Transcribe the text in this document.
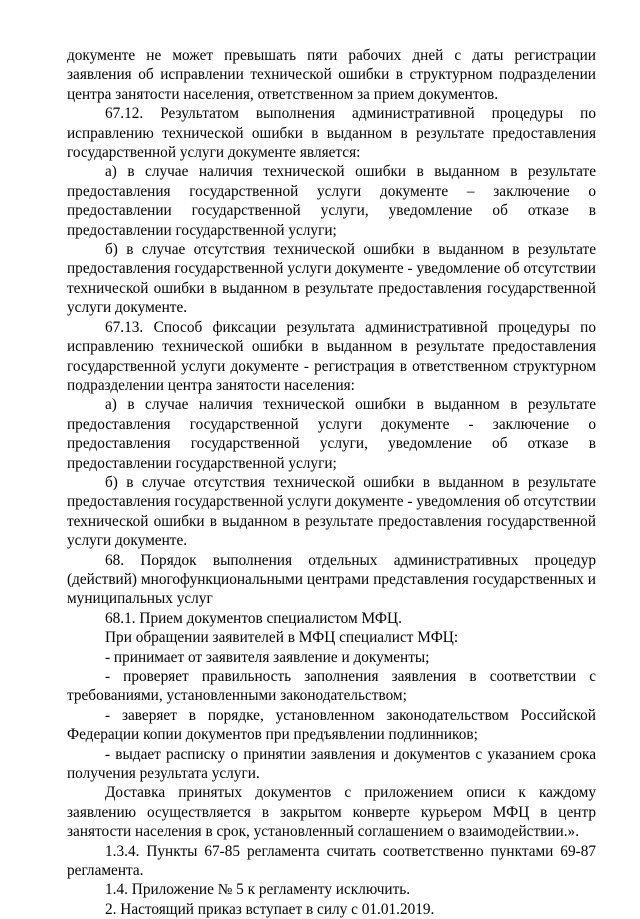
документе не может превышать пяти рабочих дней с даты регистрации заявления об исправлении технической ошибки в структурном подразделении центра занятости населения, ответственном за прием документов.

67.12. Результатом выполнения административной процедуры по исправлению технической ошибки в выданном в результате предоставления государственной услуги документе является:

а) в случае наличия технической ошибки в выданном в результате предоставления государственной услуги документе – заключение о предоставлении государственной услуги, уведомление об отказе в предоставлении государственной услуги;

б) в случае отсутствия технической ошибки в выданном в результате предоставления государственной услуги документе - уведомление об отсутствии технической ошибки в выданном в результате предоставления государственной услуги документе.

67.13. Способ фиксации результата административной процедуры по исправлению технической ошибки в выданном в результате предоставления государственной услуги документе - регистрация в ответственном структурном подразделении центра занятости населения:

а) в случае наличия технической ошибки в выданном в результате предоставления государственной услуги документе - заключение о предоставления государственной услуги, уведомление об отказе в предоставлении государственной услуги;

б) в случае отсутствия технической ошибки в выданном в результате предоставления государственной услуги документе - уведомления об отсутствии технической ошибки в выданном в результате предоставления государственной услуги документе.

68. Порядок выполнения отдельных административных процедур (действий) многофункциональными центрами представления государственных и муниципальных услуг

68.1. Прием документов специалистом МФЦ.

При обращении заявителей в МФЦ специалист МФЦ:

- принимает от заявителя заявление и документы;

- проверяет правильность заполнения заявления в соответствии с требованиями, установленными законодательством;

- заверяет в порядке, установленном законодательством Российской Федерации копии документов при предъявлении подлинников;

- выдает расписку о принятии заявления и документов с указанием срока получения результата услуги.

Доставка принятых документов с приложением описи к каждому заявлению осуществляется в закрытом конверте курьером МФЦ в центр занятости населения в срок, установленный соглашением о взаимодействии.».

1.3.4. Пункты 67-85 регламента считать соответственно пунктами 69-87 регламента.

1.4. Приложение № 5 к регламенту исключить.

2. Настоящий приказ вступает в силу с 01.01.2019.
